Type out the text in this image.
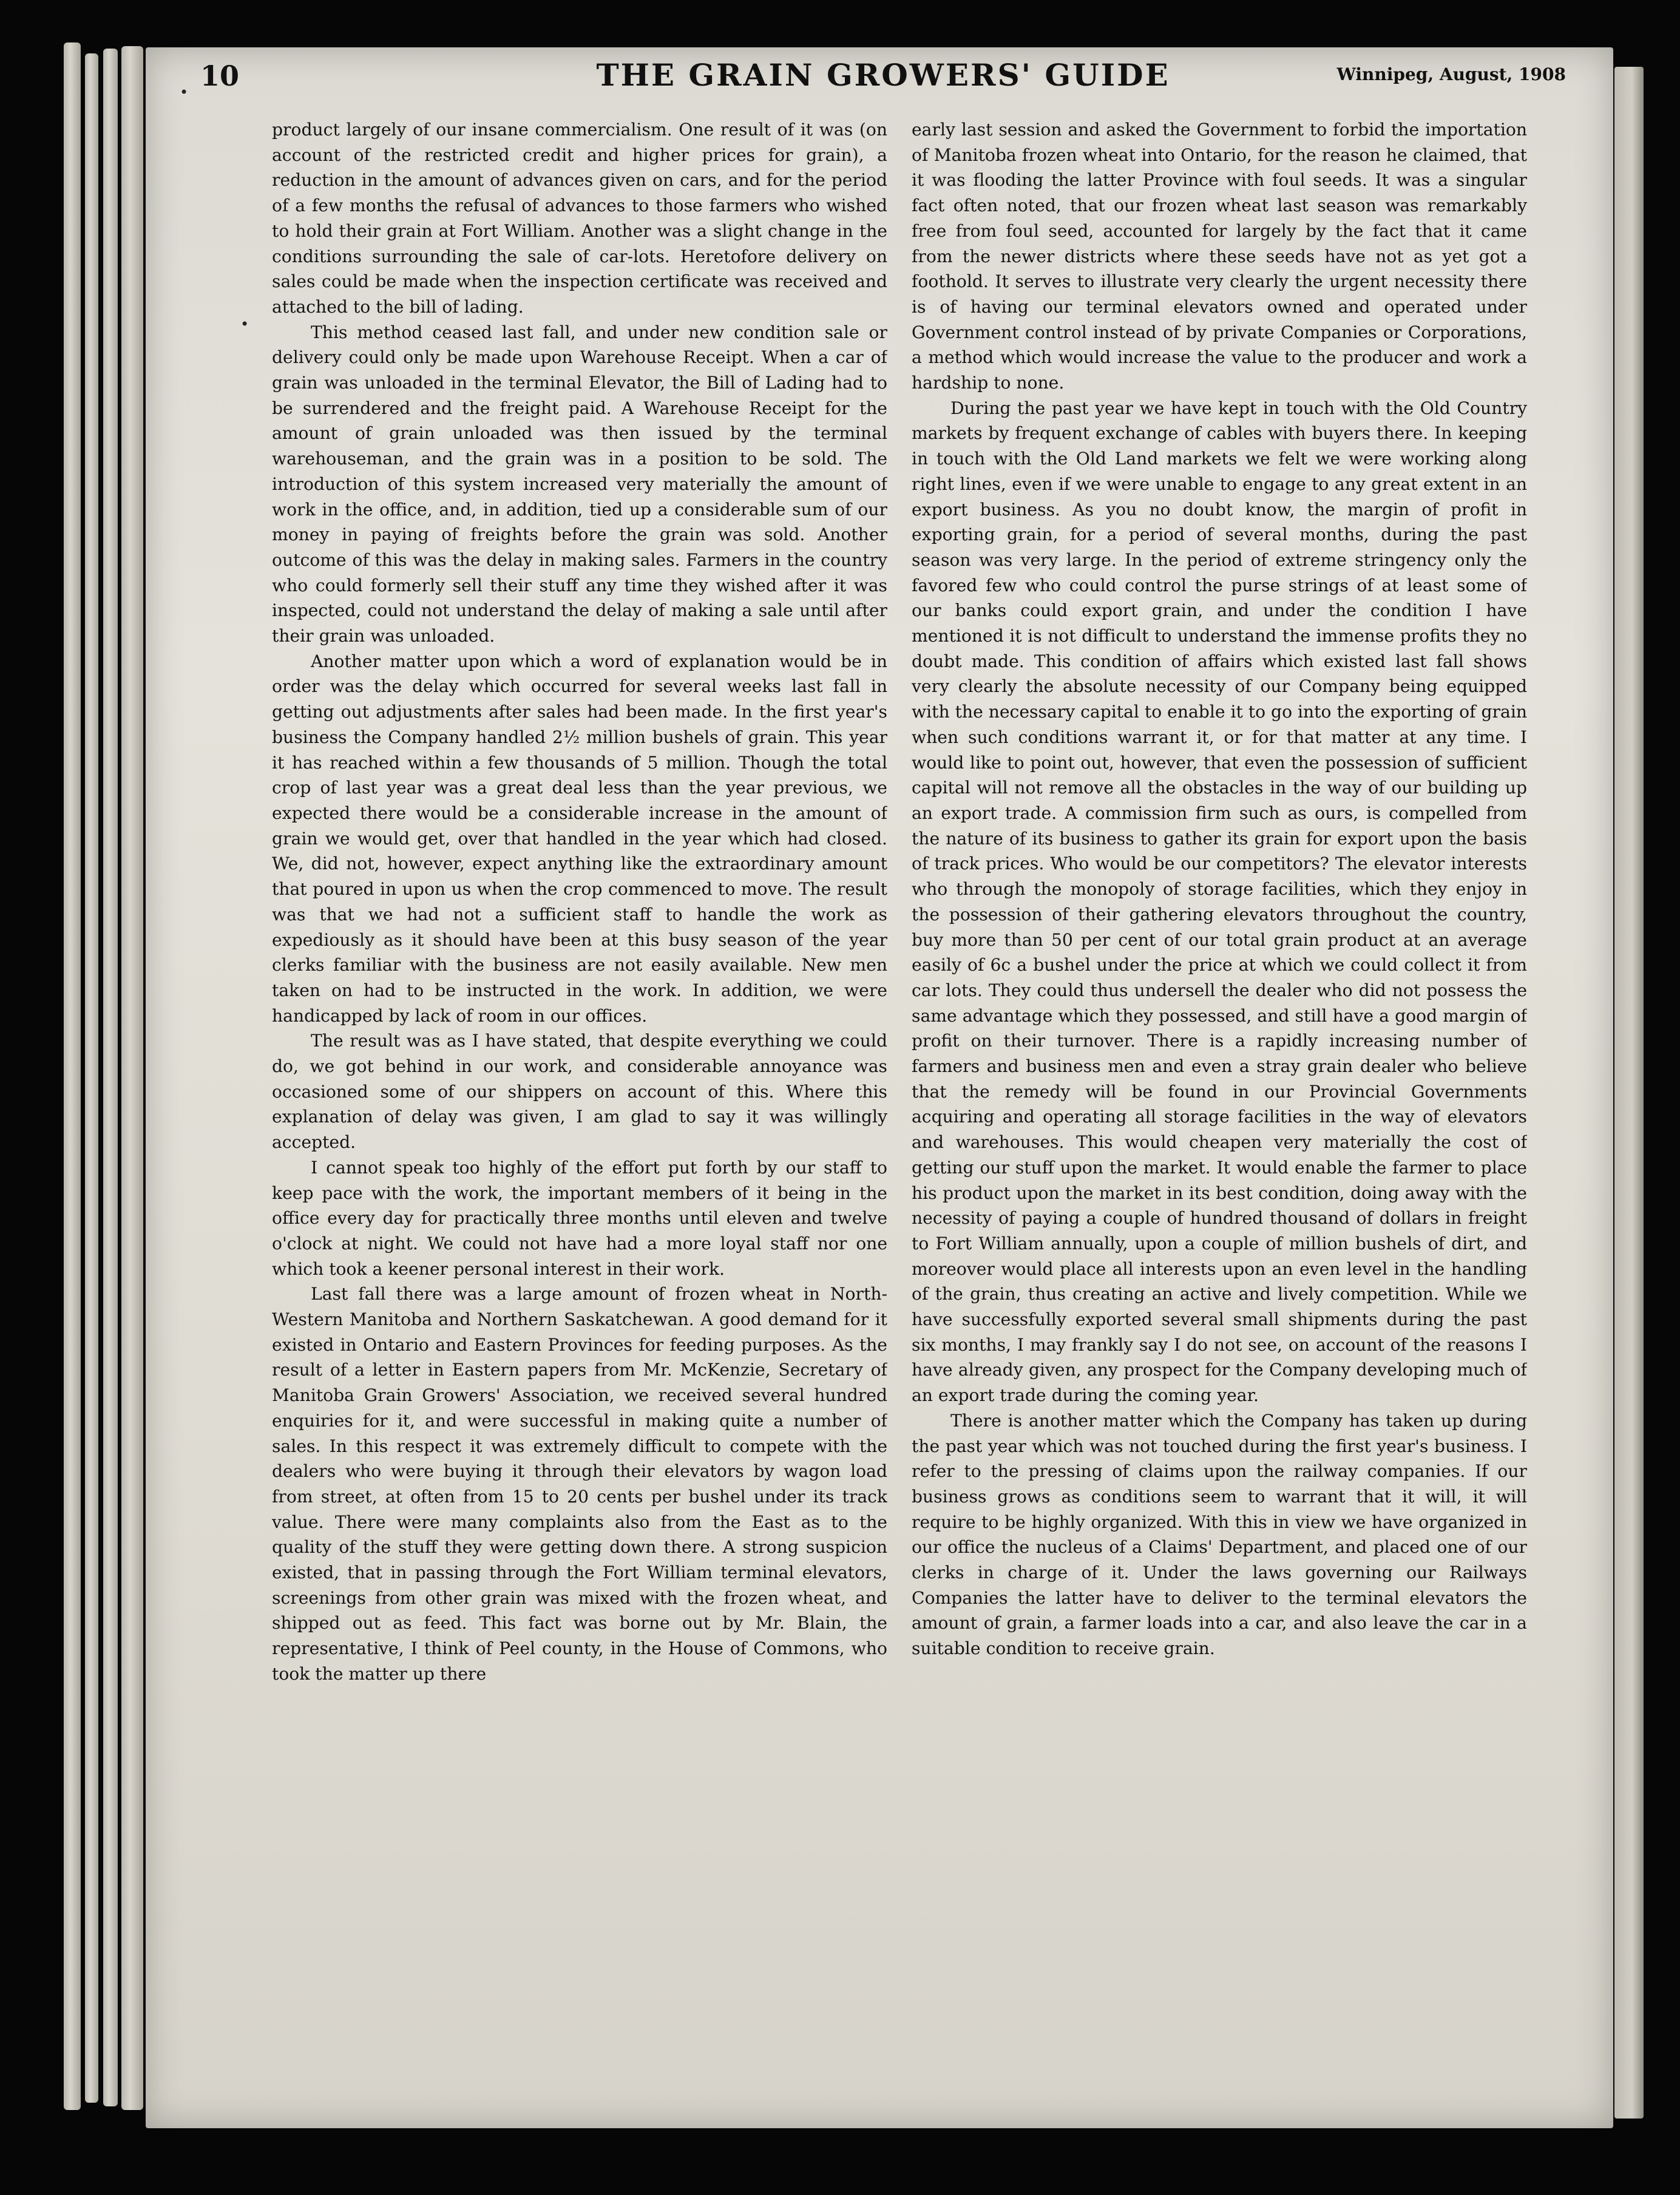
10	THE GRAIN GROWERS' GUIDE	Winnipeg, August, 1908

product largely of our insane commercialism. One result of it was (on account of the restricted credit and higher prices for grain), a reduction in the amount of advances given on cars, and for the period of a few months the refusal of advances to those farmers who wished to hold their grain at Fort William. Another was a slight change in the conditions surrounding the sale of car-lots. Heretofore delivery on sales could be made when the inspection certificate was received and attached to the bill of lading.

This method ceased last fall, and under new condition sale or delivery could only be made upon Warehouse Receipt. When a car of grain was unloaded in the terminal Elevator, the Bill of Lading had to be surrendered and the freight paid. A Warehouse Receipt for the amount of grain unloaded was then issued by the terminal warehouseman, and the grain was in a position to be sold. The introduction of this system increased very materially the amount of work in the office, and, in addition, tied up a considerable sum of our money in paying of freights before the grain was sold. Another outcome of this was the delay in making sales. Farmers in the country who could formerly sell their stuff any time they wished after it was inspected, could not understand the delay of making a sale until after their grain was unloaded.

Another matter upon which a word of explanation would be in order was the delay which occurred for several weeks last fall in getting out adjustments after sales had been made. In the first year's business the Company handled 2½ million bushels of grain. This year it has reached within a few thousands of 5 million. Though the total crop of last year was a great deal less than the year previous, we expected there would be a considerable increase in the amount of grain we would get, over that handled in the year which had closed. We, did not, however, expect anything like the extraordinary amount that poured in upon us when the crop commenced to move. The result was that we had not a sufficient staff to handle the work as expediously as it should have been at this busy season of the year clerks familiar with the business are not easily available. New men taken on had to be instructed in the work. In addition, we were handicapped by lack of room in our offices.

The result was as I have stated, that despite everything we could do, we got behind in our work, and considerable annoyance was occasioned some of our shippers on account of this. Where this explanation of delay was given, I am glad to say it was willingly accepted.

I cannot speak too highly of the effort put forth by our staff to keep pace with the work, the important members of it being in the office every day for practically three months until eleven and twelve o'clock at night. We could not have had a more loyal staff nor one which took a keener personal interest in their work.

Last fall there was a large amount of frozen wheat in North-Western Manitoba and Northern Saskatchewan. A good demand for it existed in Ontario and Eastern Provinces for feeding purposes. As the result of a letter in Eastern papers from Mr. McKenzie, Secretary of Manitoba Grain Growers' Association, we received several hundred enquiries for it, and were successful in making quite a number of sales. In this respect it was extremely difficult to compete with the dealers who were buying it through their elevators by wagon load from street, at often from 15 to 20 cents per bushel under its track value. There were many complaints also from the East as to the quality of the stuff they were getting down there. A strong suspicion existed, that in passing through the Fort William terminal elevators, screenings from other grain was mixed with the frozen wheat, and shipped out as feed. This fact was borne out by Mr. Blain, the representative, I think of Peel county, in the House of Commons, who took the matter up there

early last session and asked the Government to forbid the importation of Manitoba frozen wheat into Ontario, for the reason he claimed, that it was flooding the latter Province with foul seeds. It was a singular fact often noted, that our frozen wheat last season was remarkably free from foul seed, accounted for largely by the fact that it came from the newer districts where these seeds have not as yet got a foothold. It serves to illustrate very clearly the urgent necessity there is of having our terminal elevators owned and operated under Government control instead of by private Companies or Corporations, a method which would increase the value to the producer and work a hardship to none.

During the past year we have kept in touch with the Old Country markets by frequent exchange of cables with buyers there. In keeping in touch with the Old Land markets we felt we were working along right lines, even if we were unable to engage to any great extent in an export business. As you no doubt know, the margin of profit in exporting grain, for a period of several months, during the past season was very large. In the period of extreme stringency only the favored few who could control the purse strings of at least some of our banks could export grain, and under the condition I have mentioned it is not difficult to understand the immense profits they no doubt made. This condition of affairs which existed last fall shows very clearly the absolute necessity of our Company being equipped with the necessary capital to enable it to go into the exporting of grain when such conditions warrant it, or for that matter at any time. I would like to point out, however, that even the possession of sufficient capital will not remove all the obstacles in the way of our building up an export trade. A commission firm such as ours, is compelled from the nature of its business to gather its grain for export upon the basis of track prices. Who would be our competitors? The elevator interests who through the monopoly of storage facilities, which they enjoy in the possession of their gathering elevators throughout the country, buy more than 50 per cent of our total grain product at an average easily of 6c a bushel under the price at which we could collect it from car lots. They could thus undersell the dealer who did not possess the same advantage which they possessed, and still have a good margin of profit on their turnover. There is a rapidly increasing number of farmers and business men and even a stray grain dealer who believe that the remedy will be found in our Provincial Governments acquiring and operating all storage facilities in the way of elevators and warehouses. This would cheapen very materially the cost of getting our stuff upon the market. It would enable the farmer to place his product upon the market in its best condition, doing away with the necessity of paying a couple of hundred thousand of dollars in freight to Fort William annually, upon a couple of million bushels of dirt, and moreover would place all interests upon an even level in the handling of the grain, thus creating an active and lively competition. While we have successfully exported several small shipments during the past six months, I may frankly say I do not see, on account of the reasons I have already given, any prospect for the Company developing much of an export trade during the coming year.

There is another matter which the Company has taken up during the past year which was not touched during the first year's business. I refer to the pressing of claims upon the railway companies. If our business grows as conditions seem to warrant that it will, it will require to be highly organized. With this in view we have organized in our office the nucleus of a Claims' Department, and placed one of our clerks in charge of it. Under the laws governing our Railways Companies the latter have to deliver to the terminal elevators the amount of grain, a farmer loads into a car, and also leave the car in a suitable condition to receive grain.

•
•
